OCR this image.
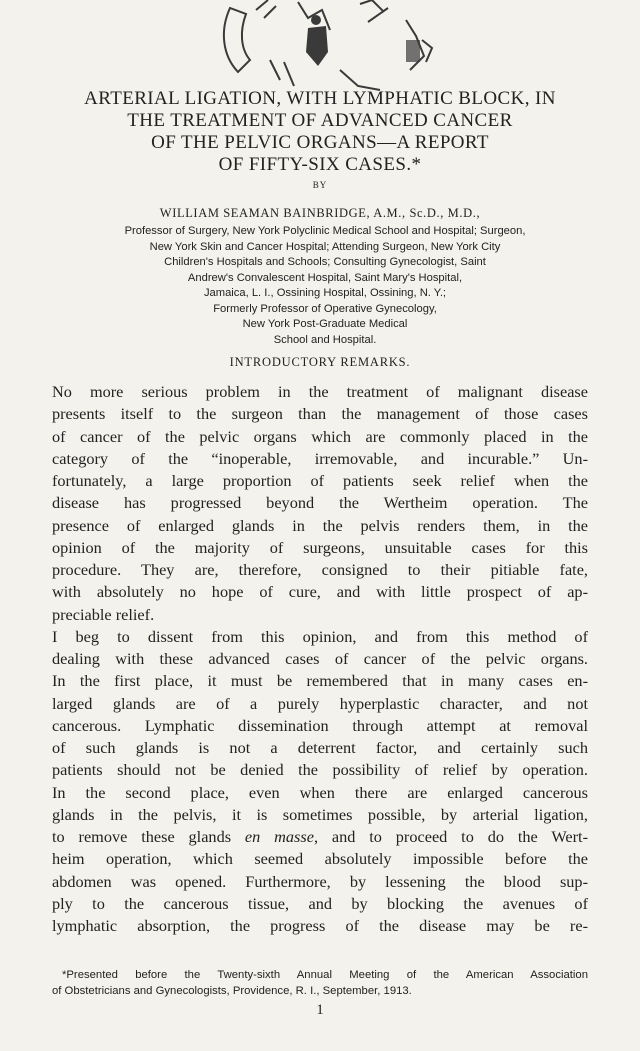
ARTERIAL LIGATION, WITH LYMPHATIC BLOCK, IN
THE TREATMENT OF ADVANCED CANCER
OF THE PELVIC ORGANS—A REPORT
OF FIFTY-SIX CASES.*
BY
WILLIAM SEAMAN BAINBRIDGE, A.M., Sc.D., M.D.,
Professor of Surgery, New York Polyclinic Medical School and Hospital; Surgeon,
New York Skin and Cancer Hospital; Attending Surgeon, New York City
Children's Hospitals and Schools; Consulting Gynecologist, Saint
Andrew's Convalescent Hospital, Saint Mary's Hospital,
Jamaica, L. I., Ossining Hospital, Ossining, N. Y.;
Formerly Professor of Operative Gynecology,
New York Post-Graduate Medical
School and Hospital.
INTRODUCTORY REMARKS.
No more serious problem in the treatment of malignant disease
presents itself to the surgeon than the management of those cases
of cancer of the pelvic organs which are commonly placed in the
category of the “inoperable, irremovable, and incurable.” Un-
fortunately, a large proportion of patients seek relief when the
disease has progressed beyond the Wertheim operation. The
presence of enlarged glands in the pelvis renders them, in the
opinion of the majority of surgeons, unsuitable cases for this
procedure. They are, therefore, consigned to their pitiable fate,
with absolutely no hope of cure, and with little prospect of ap-
preciable relief.
I beg to dissent from this opinion, and from this method of
dealing with these advanced cases of cancer of the pelvic organs.
In the first place, it must be remembered that in many cases en-
larged glands are of a purely hyperplastic character, and not
cancerous. Lymphatic dissemination through attempt at removal
of such glands is not a deterrent factor, and certainly such
patients should not be denied the possibility of relief by operation.
In the second place, even when there are enlarged cancerous
glands in the pelvis, it is sometimes possible, by arterial ligation,
to remove these glands en masse, and to proceed to do the Wert-
heim operation, which seemed absolutely impossible before the
abdomen was opened. Furthermore, by lessening the blood sup-
ply to the cancerous tissue, and by blocking the avenues of
lymphatic absorption, the progress of the disease may be re-
*Presented before the Twenty-sixth Annual Meeting of the American Association
of Obstetricians and Gynecologists, Providence, R. I., September, 1913.
1
